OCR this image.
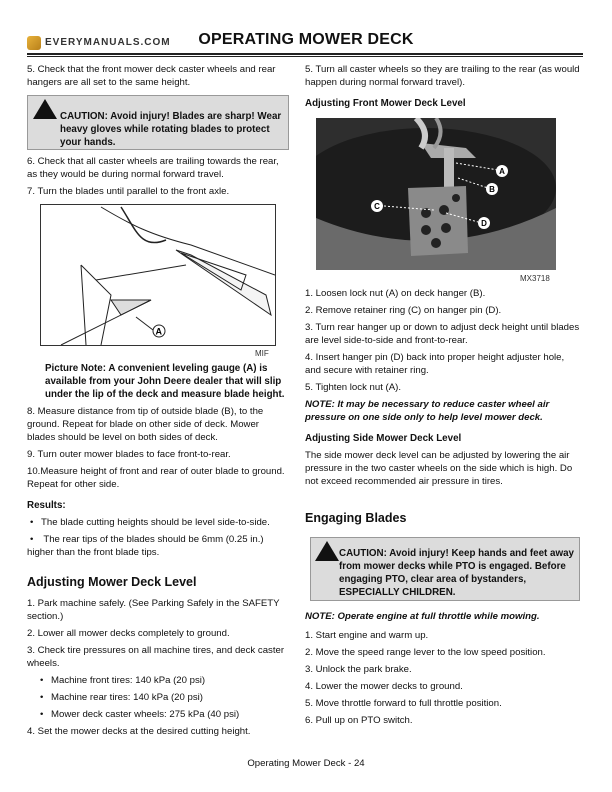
OPERATING MOWER DECK

5. Check that the front mower deck caster wheels and rear hangers are all set to the same height.

CAUTION: Avoid injury! Blades are sharp! Wear heavy gloves while rotating blades to protect your hands.

6. Check that all caster wheels are trailing towards the rear, as they would be during normal forward travel.

7. Turn the blades until parallel to the front axle.

A
MIF
Picture Note: A convenient leveling gauge (A) is available from your John Deere dealer that will slip under the lip of the deck and measure blade height.

8. Measure distance from tip of outside blade (B), to the ground. Repeat for blade on other side of deck. Mower blades should be level on both sides of deck.

9. Turn outer mower blades to face front-to-rear.

10.Measure height of front and rear of outer blade to ground. Repeat for other side.

Results:

• The blade cutting heights should be level side-to-side.

• The rear tips of the blades should be 6mm (0.25 in.) higher than the front blade tips.

Adjusting Mower Deck Level

1. Park machine safely. (See Parking Safely in the SAFETY section.)

2. Lower all mower decks completely to ground.

3. Check tire pressures on all machine tires, and deck caster wheels.

• Machine front tires: 140 kPa (20 psi)

• Machine rear tires: 140 kPa (20 psi)

• Mower deck caster wheels: 275 kPa (40 psi)

4. Set the mower decks at the desired cutting height.

5. Turn all caster wheels so they are trailing to the rear (as would happen during normal forward travel).

Adjusting Front Mower Deck Level

A
B
C
D
MX3718

1. Loosen lock nut (A) on deck hanger (B).

2. Remove retainer ring (C) on hanger pin (D).

3. Turn rear hanger up or down to adjust deck height until blades are level side-to-side and front-to-rear.

4. Insert hanger pin (D) back into proper height adjuster hole, and secure with retainer ring.

5. Tighten lock nut (A).

NOTE: It may be necessary to reduce caster wheel air pressure on one side only to help level mower deck.

Adjusting Side Mower Deck Level

The side mower deck level can be adjusted by lowering the air pressure in the two caster wheels on the side which is high. Do not exceed recommended air pressure in tires.

Engaging Blades
CAUTION: Avoid injury! Keep hands and feet away from mower decks while PTO is engaged. Before engaging PTO, clear area of bystanders, ESPECIALLY CHILDREN.

NOTE: Operate engine at full throttle while mowing.

1. Start engine and warm up.

2. Move the speed range lever to the low speed position.

3. Unlock the park brake.

4. Lower the mower decks to ground.

5. Move throttle forward to full throttle position.

6. Pull up on PTO switch.

Operating Mower Deck - 24
EVERYMANUALS.COM
